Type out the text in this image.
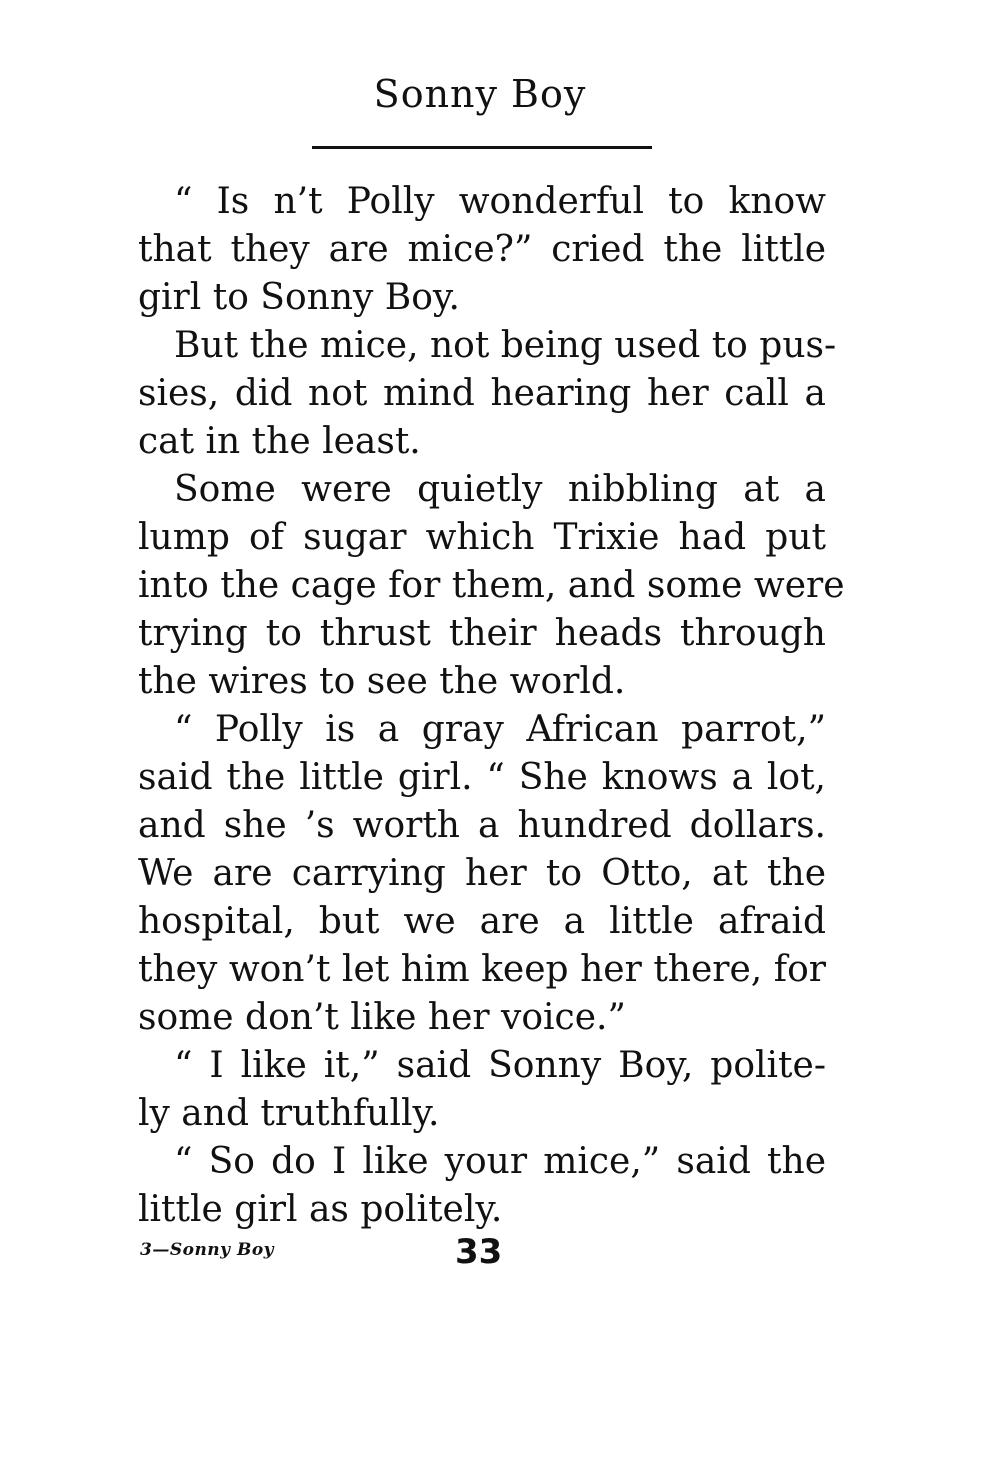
Sonny Boy
“ Is n’t Polly wonderful to know
that they are mice?” cried the little
girl to Sonny Boy.
But the mice, not being used to pus-
sies, did not mind hearing her call a
cat in the least.
Some were quietly nibbling at a
lump of sugar which Trixie had put
into the cage for them, and some were
trying to thrust their heads through
the wires to see the world.
“ Polly is a gray African parrot,”
said the little girl. “ She knows a lot,
and she ’s worth a hundred dollars.
We are carrying her to Otto, at the
hospital, but we are a little afraid
they won’t let him keep her there, for
some don’t like her voice.”
“ I like it,” said Sonny Boy, polite-
ly and truthfully.
“ So do I like your mice,” said the
little girl as politely.
3—Sonny Boy	33
